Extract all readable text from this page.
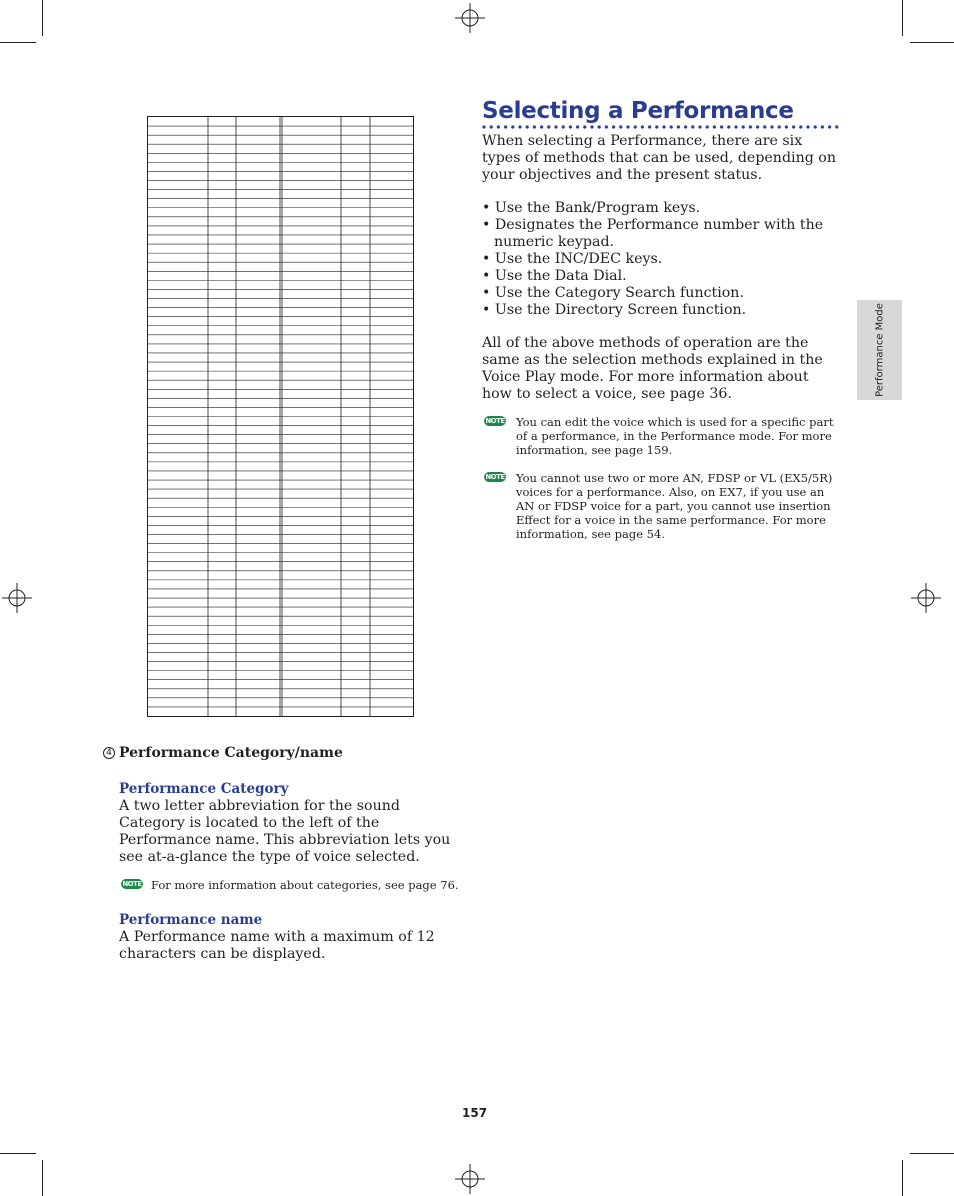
Selecting a Performance
When selecting a Performance, there are six types of methods that can be used, depending on your objectives and the present status.
• Use the Bank/Program keys.
• Designates the Performance number with the numeric keypad.
• Use the INC/DEC keys.
• Use the Data Dial.
• Use the Category Search function.
• Use the Directory Screen function.
All of the above methods of operation are the same as the selection methods explained in the Voice Play mode. For more information about how to select a voice, see page 36.
NOTE You can edit the voice which is used for a specific part of a performance, in the Performance mode. For more information, see page 159.
NOTE You cannot use two or more AN, FDSP or VL (EX5/5R) voices for a performance. Also, on EX7, if you use an AN or FDSP voice for a part, you cannot use insertion Effect for a voice in the same performance. For more information, see page 54.
Performance Mode
4 Performance Category/name
Performance Category
A two letter abbreviation for the sound Category is located to the left of the Performance name. This abbreviation lets you see at-a-glance the type of voice selected.
NOTE For more information about categories, see page 76.
Performance name
A Performance name with a maximum of 12 characters can be displayed.
157
